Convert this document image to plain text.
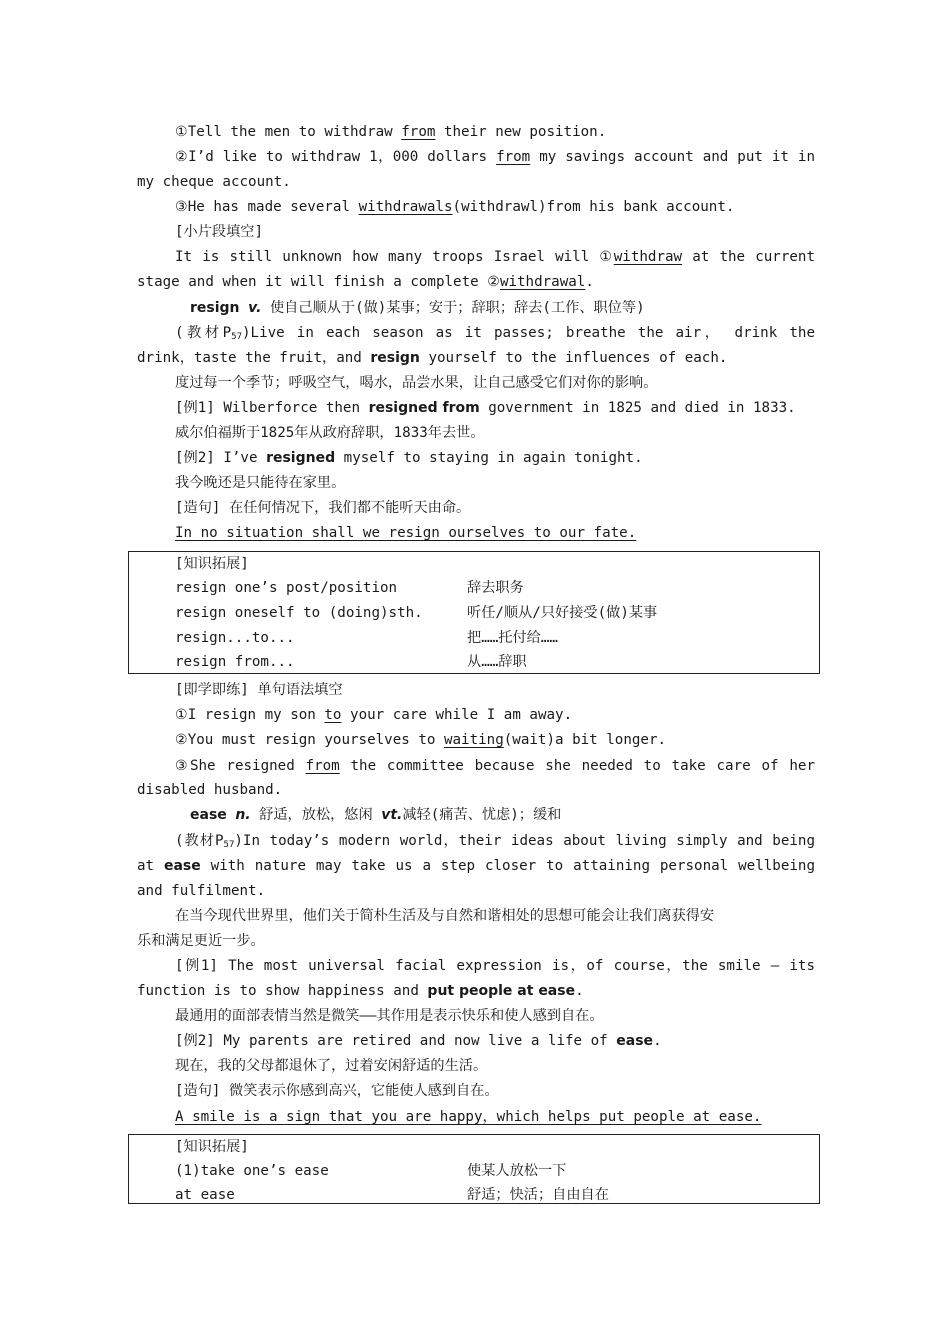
①Tell the men to withdraw from their new position.
②I’d like to withdraw 1，000 dollars from my savings account and put it in
my cheque account.
③He has made several withdrawals(withdrawl)from his bank account.
[小片段填空]
It is still unknown how many troops Israel will ①withdraw at the current
stage and when it will finish a complete ②withdrawal.
resign v. 使自己顺从于(做)某事；安于；辞职；辞去(工作、职位等)
(教材$P_{57})Live$ in each season as it passes; breathe the air， drink the
drink，taste the fruit，and resign yourself to the influences of each.
度过每一个季节；呼吸空气，喝水，品尝水果，让自己感受它们对你的影响。
[例1] Wilberforce then resigned from government in 1825 and died in 1833.
威尔伯福斯于1825年从政府辞职，1833年去世。
[例2] I’ve resigned myself to staying in again tonight.
我今晚还是只能待在家里。
[造句] 在任何情况下，我们都不能听天由命。
In no situation shall we resign ourselves to our fate.
[知识拓展]
resign one’s post/position	辞去职务
resign oneself to (doing)sth.	听任/顺从/只好接受(做)某事
resign...to...	把……托付给……
resign from...	从……辞职
[即学即练] 单句语法填空
①I resign my son to your care while I am away.
②You must resign yourselves to waiting(wait)a bit longer.
③She resigned from the committee because she needed to take care of her
disabled husband.
ease n. 舒适，放松，悠闲 vt.减轻(痛苦、忧虑)；缓和
(教材$P_{57})In$ today’s modern world，their ideas about living simply and being
at ease with nature may take us a step closer to attaining personal wellbeing
and fulfilment.
在当今现代世界里，他们关于简朴生活及与自然和谐相处的思想可能会让我们离获得安
乐和满足更近一步。
[例1] The most universal facial expression is，of course，the smile — its
function is to show happiness and put people at ease.
最通用的面部表情当然是微笑——其作用是表示快乐和使人感到自在。
[例2] My parents are retired and now live a life of ease.
现在，我的父母都退休了，过着安闲舒适的生活。
[造句] 微笑表示你感到高兴，它能使人感到自在。
A smile is a sign that you are happy，which helps put people at ease.
[知识拓展]
(1)take one’s ease	使某人放松一下
at ease	舒适；快活；自由自在
